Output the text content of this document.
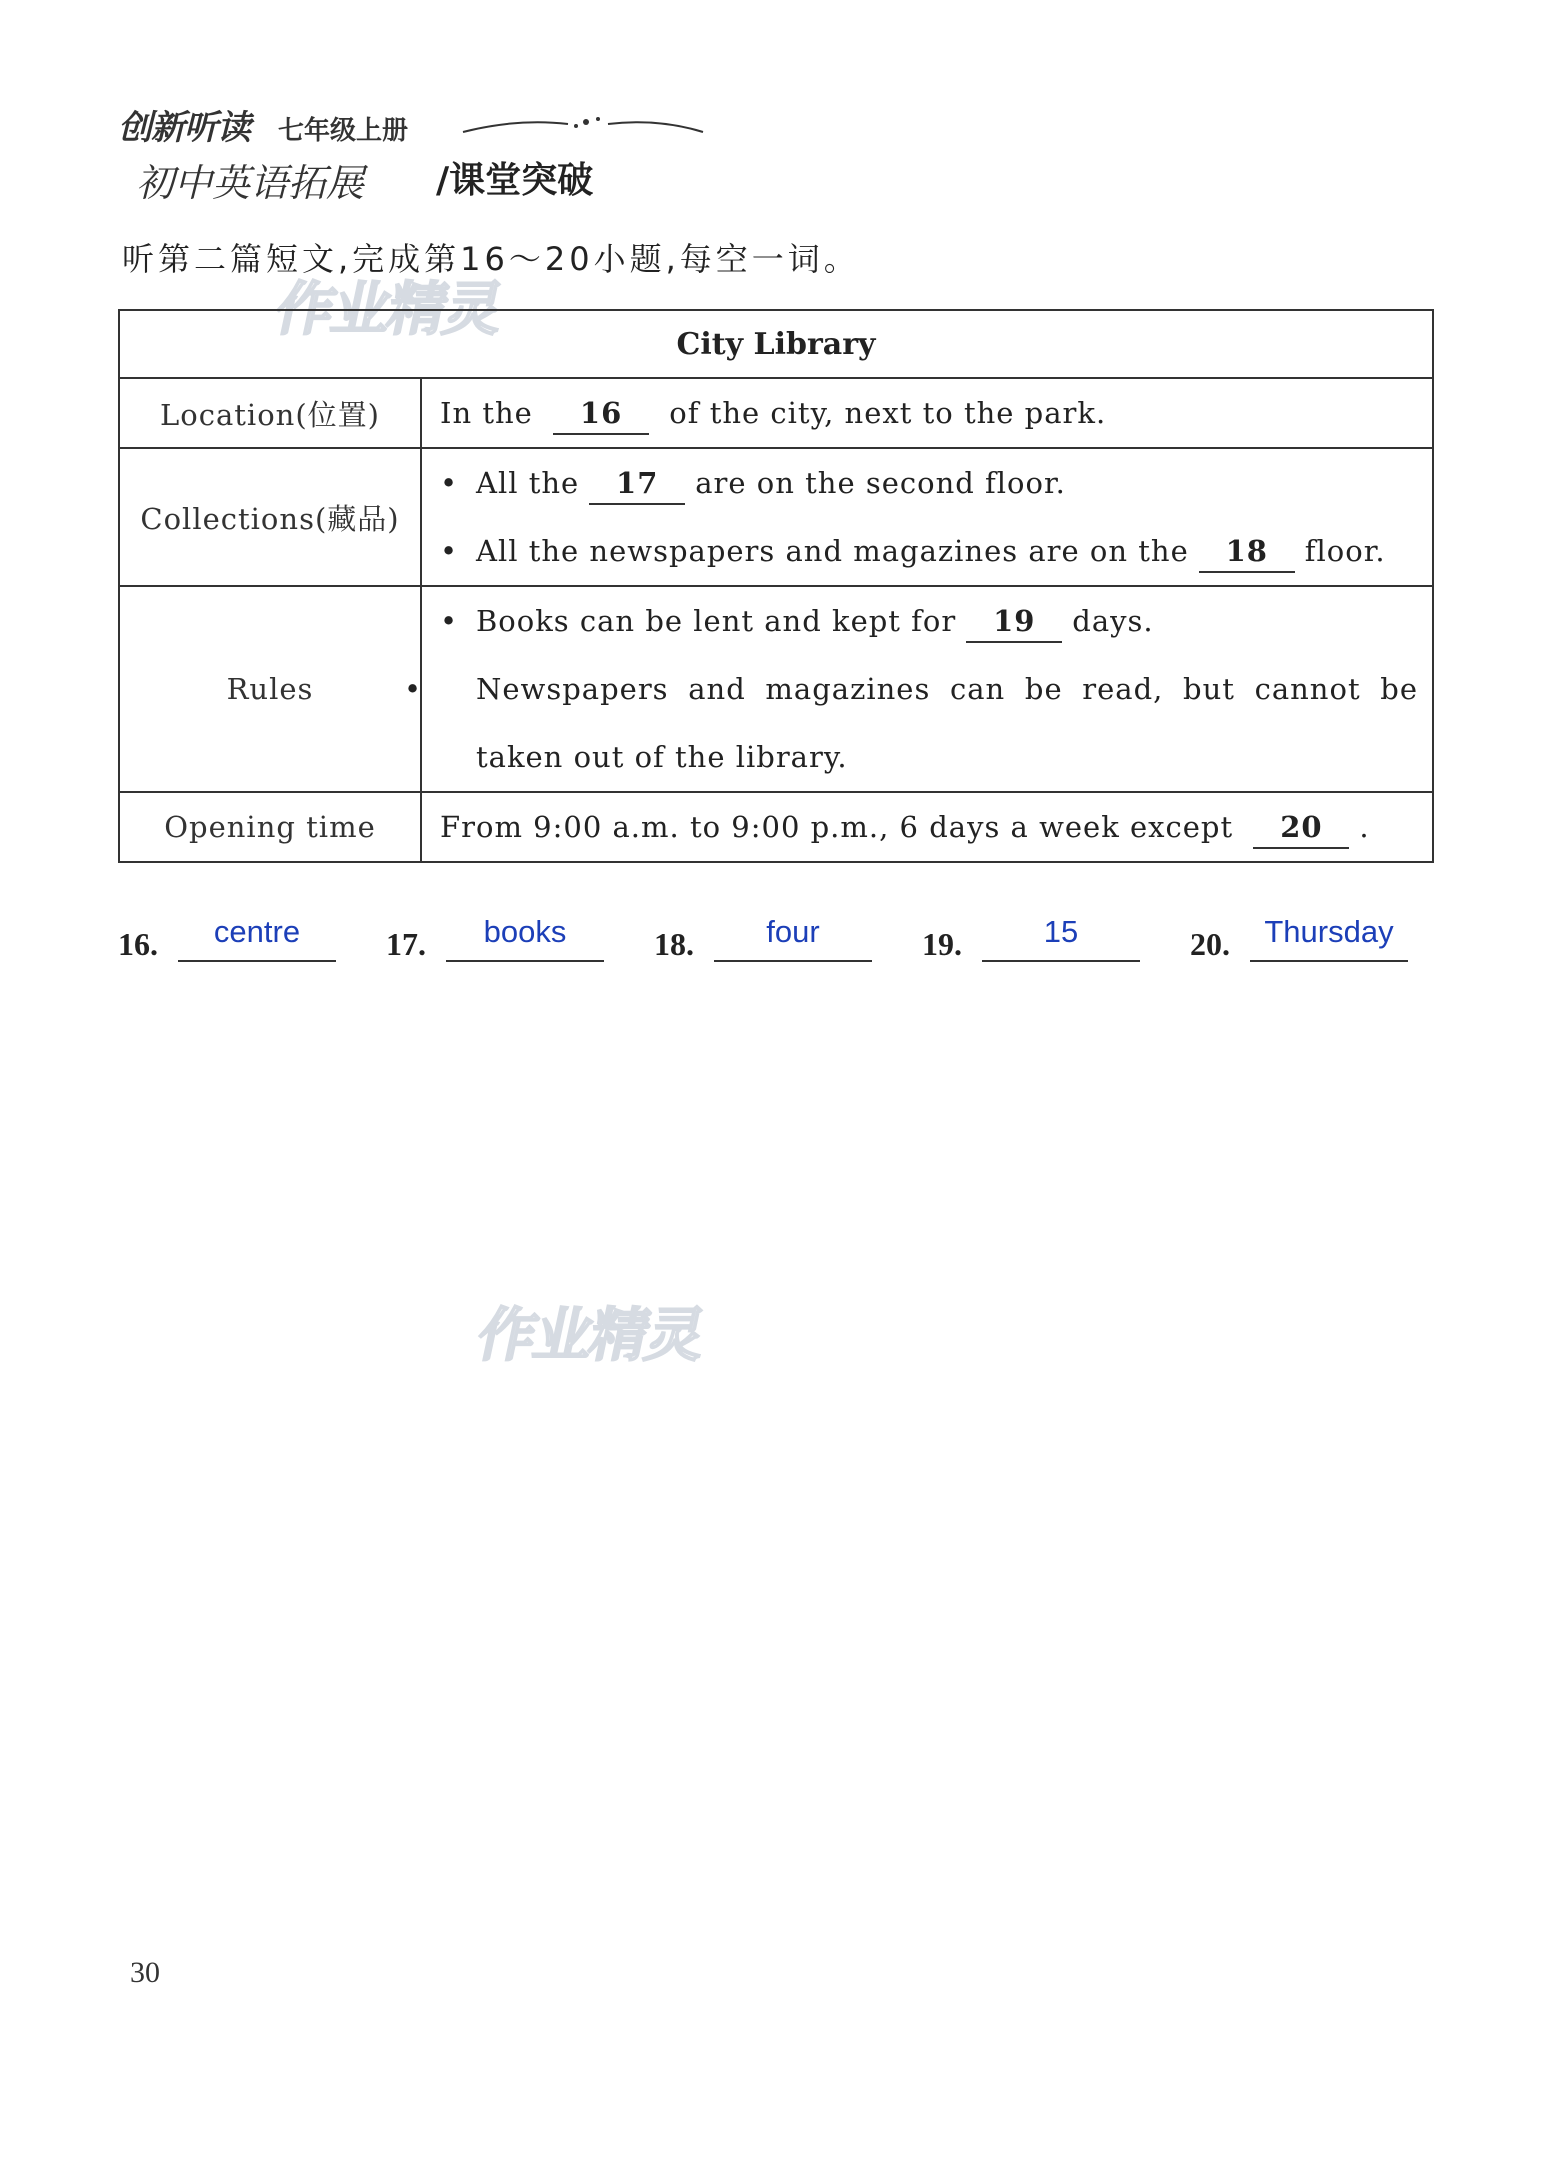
创新听读 七年级上册
初中英语拓展 /课堂突破
听第二篇短文,完成第16～20小题,每空一词。
作业精灵
作业精灵
City Library	
Location(位置)	In the 16 of the city, next to the park.

Collections(藏品)	• All the 17 are on the second floor.
• All the newspapers and magazines are on the 18 floor.

Rules	• Books can be lent and kept for 19 days.
• Newspapers and magazines can be read, but cannot be taken out of the library.

Opening time	From 9:00 a.m. to 9:00 p.m., 6 days a week except 20 .
16.	centre	17.	books	18.	four	19.	15	20.	Thursday
30
